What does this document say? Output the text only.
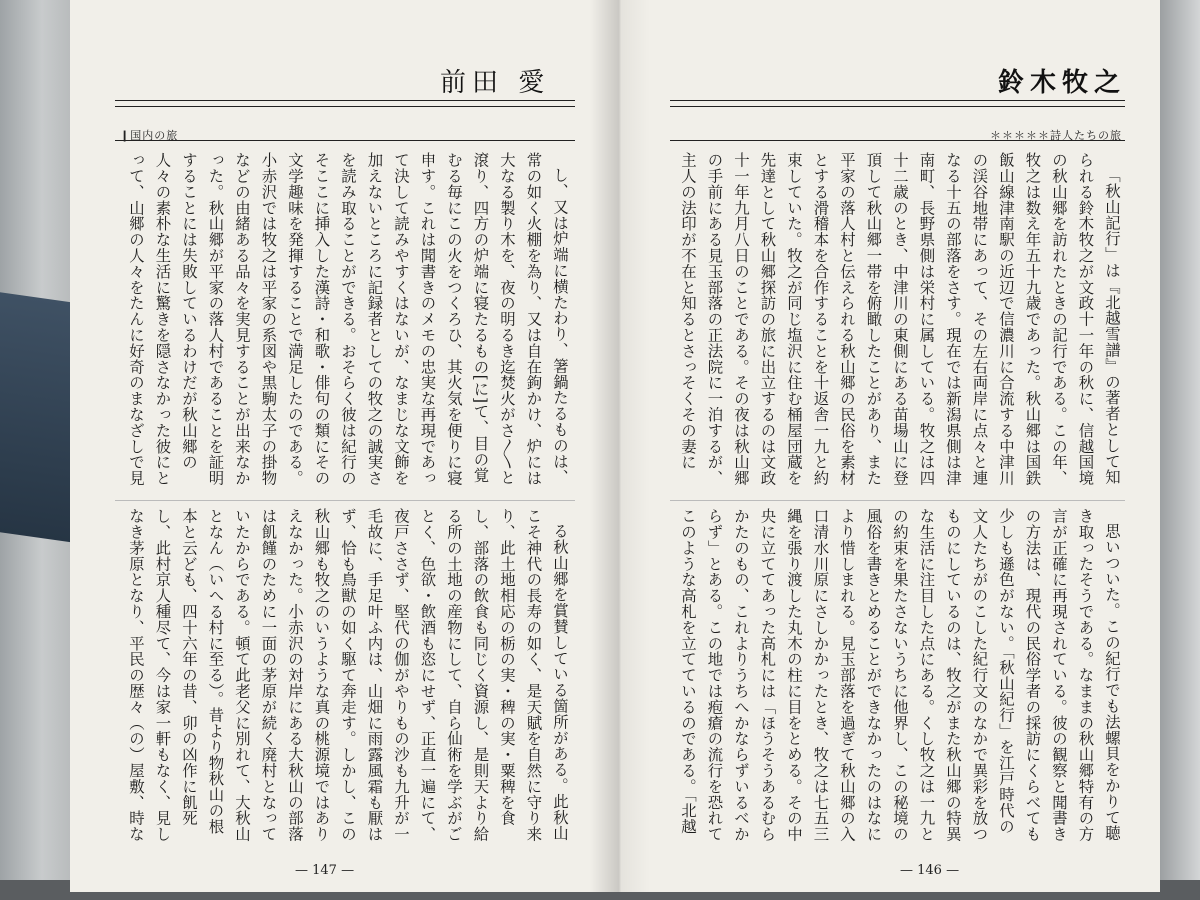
前田 愛
❙国内の旅

し、又は炉端に横たわり、箸鍋たるものは、常の如く火棚を為り、又は自在鉤かけ、炉には大なる製り木を、夜の明るき迄焚火がさ〱と滾り、四方の炉端に寝たるもの[に]て、目の覚むる毎にこの火をつくろひ、其火気を便りに寝申す。これは聞書きのメモの忠実な再現であって決して読みやすくはないが、なまじな文飾を加えないところに記録者としての牧之の誠実さを読み取ることができる。おそらく彼は紀行のそここに挿入した漢詩・和歌・俳句の類にその文学趣味を発揮することで満足したのである。小赤沢では牧之は平家の系図や黒駒太子の掛物などの由緒ある品々を実見することが出来なかった。秋山郷が平家の落人村であることを証明することには失敗しているわけだが秋山郷の人々の素朴な生活に驚きを隠さなかった彼にとって、山郷の人々をたんに好奇のまなざしで見

る秋山郷を賞賛している箇所がある。此秋山こそ神代の長寿の如く、是天賦を自然に守り来り、此土地相応の栃の実・稗の実・粟稗を食し、部落の飲食も同じく資源し、是則天より給る所の土地の産物にして、自ら仙術を学ぶがごとく、色欲・飲酒も恣にせず、正直一遍にて、夜戸ささず、堅代の伽がやりもの沙も九升が一毛故に、手足叶ふ内は、山畑に雨露風霜も厭はず、恰も鳥獣の如く駆て奔走す。しかし、この秋山郷も牧之のいうような真の桃源境ではありえなかった。小赤沢の対岸にある大秋山の部落は飢饉のために一面の茅原が続く廃村となっていたからである。頓て此老父に別れて、大秋山となん（いへる村に至る）。昔より物秋山の根本と云ども、四十六年の昔、卯の凶作に飢死し、此村京人種尽て、今は家一軒もなく、見しなき茅原となり、平民の歴々（の）屋敷、時な

— 147 —
鈴木牧之
＊＊＊＊＊詩人たちの旅

「秋山記行」は『北越雪譜』の著者として知られる鈴木牧之が文政十一年の秋に、信越国境の秋山郷を訪れたときの記行である。この年、牧之は数え年五十九歳であった。秋山郷は国鉄飯山線津南駅の近辺で信濃川に合流する中津川の渓谷地帯にあって、その左右両岸に点々と連なる十五の部落をさす。現在では新潟県側は津南町、長野県側は栄村に属している。牧之は四十二歳のとき、中津川の東側にある苗場山に登頂して秋山郷一帯を俯瞰したことがあり、また平家の落人村と伝えられる秋山郷の民俗を素材とする滑稽本を合作することを十返舎一九と約束していた。牧之が同じ塩沢に住む桶屋団蔵を先達として秋山郷探訪の旅に出立するのは文政十一年九月八日のことである。その夜は秋山郷の手前にある見玉部落の正法院に一泊するが、主人の法印が不在と知るとさっそくその妻に

思いついた。この紀行でも法螺貝をかりて聴き取ったそうである。なままの秋山郷特有の方言が正確に再現されている。彼の観察と聞書きの方法は、現代の民俗学者の採訪にくらべても少しも遜色がない。「秋山紀行」を江戸時代の文人たちがのこした紀行文のなかで異彩を放つものにしているのは、牧之がまた秋山郷の特異な生活に注目した点にある。くし牧之は一九との約束を果たさないうちに他界し、この秘境の風俗を書きとめることができなかったのはなにより惜しまれる。見玉部落を過ぎて秋山郷の入口清水川原にさしかかったとき、牧之は七五三縄を張り渡した丸木の柱に目をとめる。その中央に立ててあった高札には「ほうそうあるむらかたのもの、これよりうちへかならずいるべからず」とある。この地では疱瘡の流行を恐れてこのような高札を立てているのである。「北越

— 146 —
